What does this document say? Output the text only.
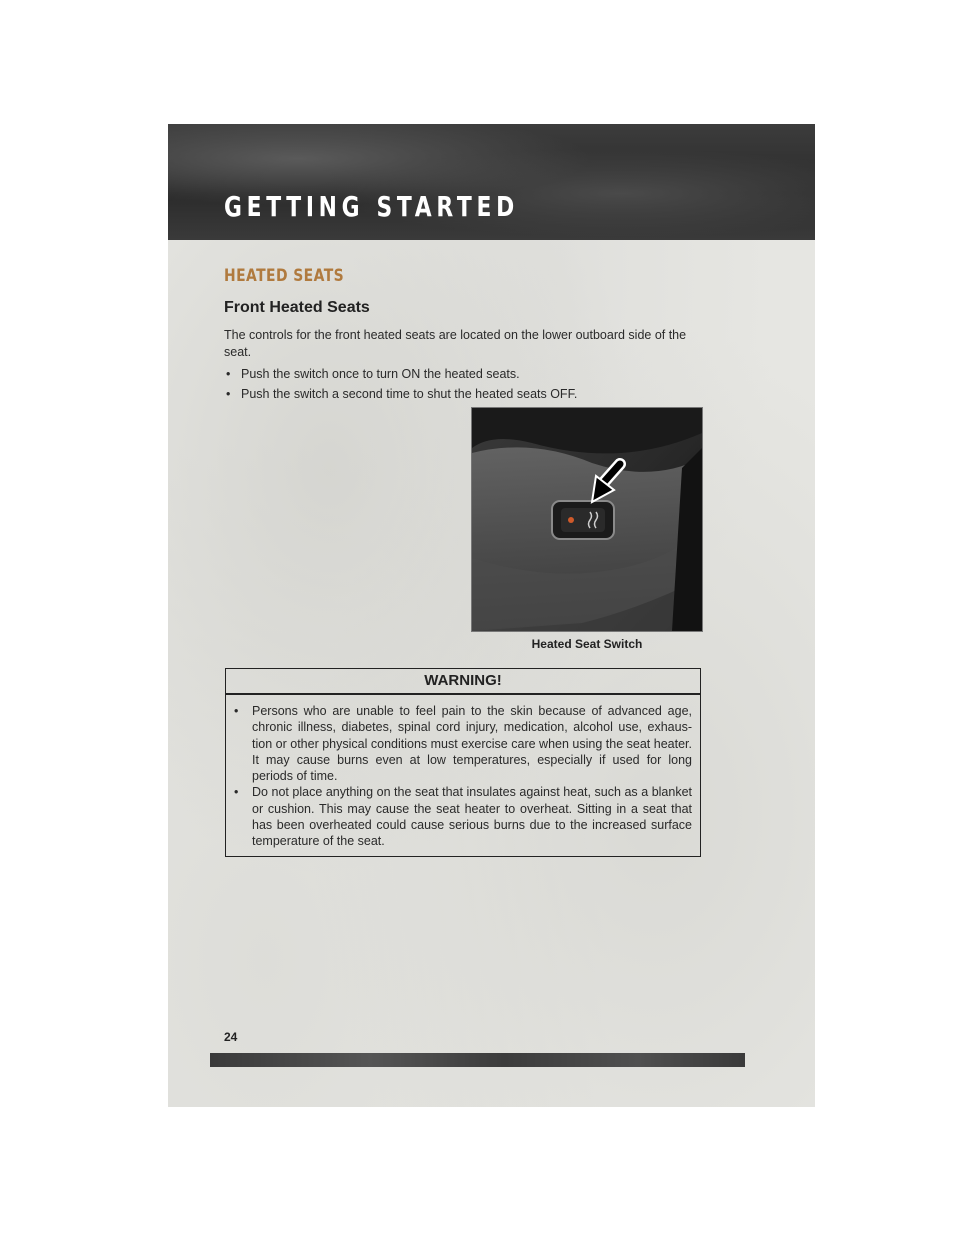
GETTING STARTED
HEATED SEATS
Front Heated Seats
The controls for the front heated seats are located on the lower outboard side of the seat.
• Push the switch once to turn ON the heated seats.
• Push the switch a second time to shut the heated seats OFF.
Heated Seat Switch
WARNING!
• Persons who are unable to feel pain to the skin because of advanced age, chronic illness, diabetes, spinal cord injury, medication, alcohol use, exhaus- tion or other physical conditions must exercise care when using the seat heater. It may cause burns even at low temperatures, especially if used for long periods of time.
• Do not place anything on the seat that insulates against heat, such as a blanket or cushion. This may cause the seat heater to overheat. Sitting in a seat that has been overheated could cause serious burns due to the increased surface temperature of the seat.
24
